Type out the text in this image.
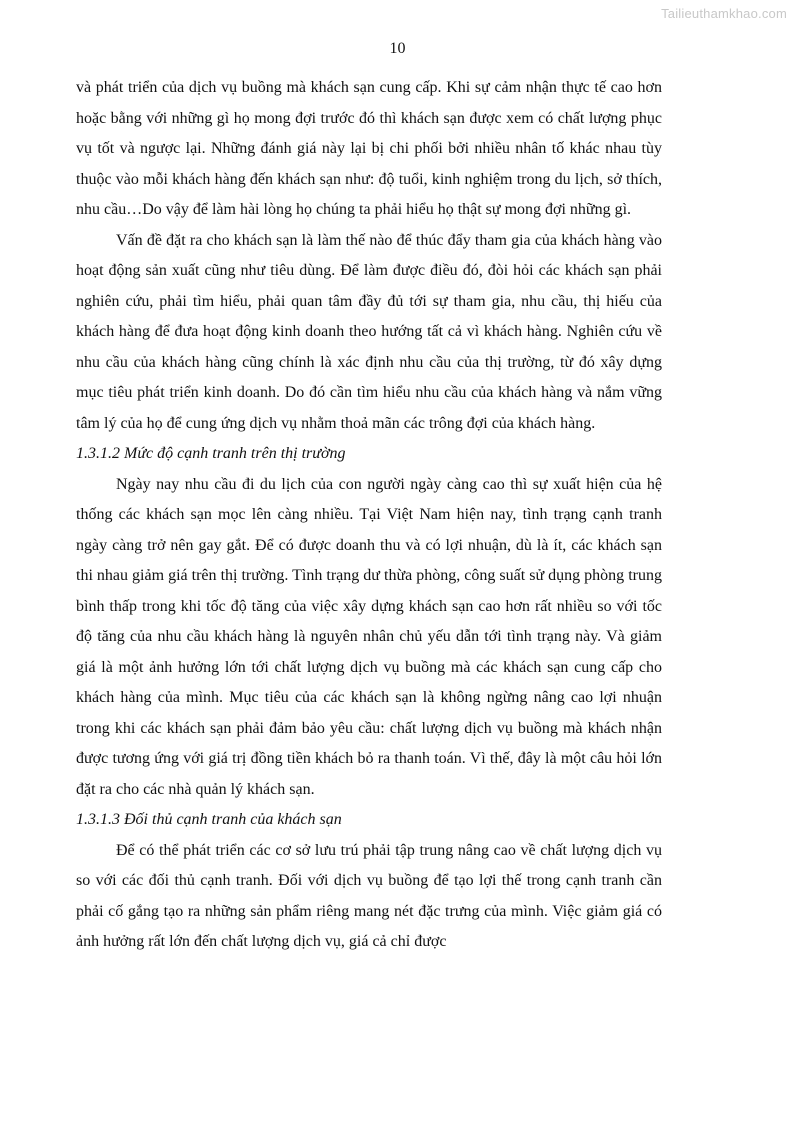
Tailieuthamkhao.com
10

và phát triển của dịch vụ buồng mà khách sạn cung cấp. Khi sự cảm nhận thực tế cao hơn hoặc bằng với những gì họ mong đợi trước đó thì khách sạn được xem có chất lượng phục vụ tốt và ngược lại. Những đánh giá này lại bị chi phối bởi nhiều nhân tố khác nhau tùy thuộc vào mỗi khách hàng đến khách sạn như: độ tuổi, kinh nghiệm trong du lịch, sở thích, nhu cầu…Do vậy để làm hài lòng họ chúng ta phải hiểu họ thật sự mong đợi những gì.

Vấn đề đặt ra cho khách sạn là làm thế nào để thúc đẩy tham gia của khách hàng vào hoạt động sản xuất cũng như tiêu dùng. Để làm được điều đó, đòi hỏi các khách sạn phải nghiên cứu, phải tìm hiểu, phải quan tâm đầy đủ tới sự tham gia, nhu cầu, thị hiếu của khách hàng để đưa hoạt động kinh doanh theo hướng tất cả vì khách hàng. Nghiên cứu về nhu cầu của khách hàng cũng chính là xác định nhu cầu của thị trường, từ đó xây dựng mục tiêu phát triển kinh doanh. Do đó cần tìm hiểu nhu cầu của khách hàng và nắm vững tâm lý của họ để cung ứng dịch vụ nhằm thoả mãn các trông đợi của khách hàng.

1.3.1.2 Mức độ cạnh tranh trên thị trường

Ngày nay nhu cầu đi du lịch của con người ngày càng cao thì sự xuất hiện của hệ thống các khách sạn mọc lên càng nhiều. Tại Việt Nam hiện nay, tình trạng cạnh tranh ngày càng trở nên gay gắt. Để có được doanh thu và có lợi nhuận, dù là ít, các khách sạn thi nhau giảm giá trên thị trường. Tình trạng dư thừa phòng, công suất sử dụng phòng trung bình thấp trong khi tốc độ tăng của việc xây dựng khách sạn cao hơn rất nhiều so với tốc độ tăng của nhu cầu khách hàng là nguyên nhân chủ yếu dẫn tới tình trạng này. Và giảm giá là một ảnh hưởng lớn tới chất lượng dịch vụ buồng mà các khách sạn cung cấp cho khách hàng của mình. Mục tiêu của các khách sạn là không ngừng nâng cao lợi nhuận trong khi các khách sạn phải đảm bảo yêu cầu: chất lượng dịch vụ buồng mà khách nhận được tương ứng với giá trị đồng tiền khách bỏ ra thanh toán. Vì thế, đây là một câu hỏi lớn đặt ra cho các nhà quản lý khách sạn.

1.3.1.3 Đối thủ cạnh tranh của khách sạn

Để có thể phát triển các cơ sở lưu trú phải tập trung nâng cao về chất lượng dịch vụ so với các đối thủ cạnh tranh. Đối với dịch vụ buồng để tạo lợi thế trong cạnh tranh cần phải cố gắng tạo ra những sản phẩm riêng mang nét đặc trưng của mình. Việc giảm giá có ảnh hưởng rất lớn đến chất lượng dịch vụ, giá cả chỉ được
